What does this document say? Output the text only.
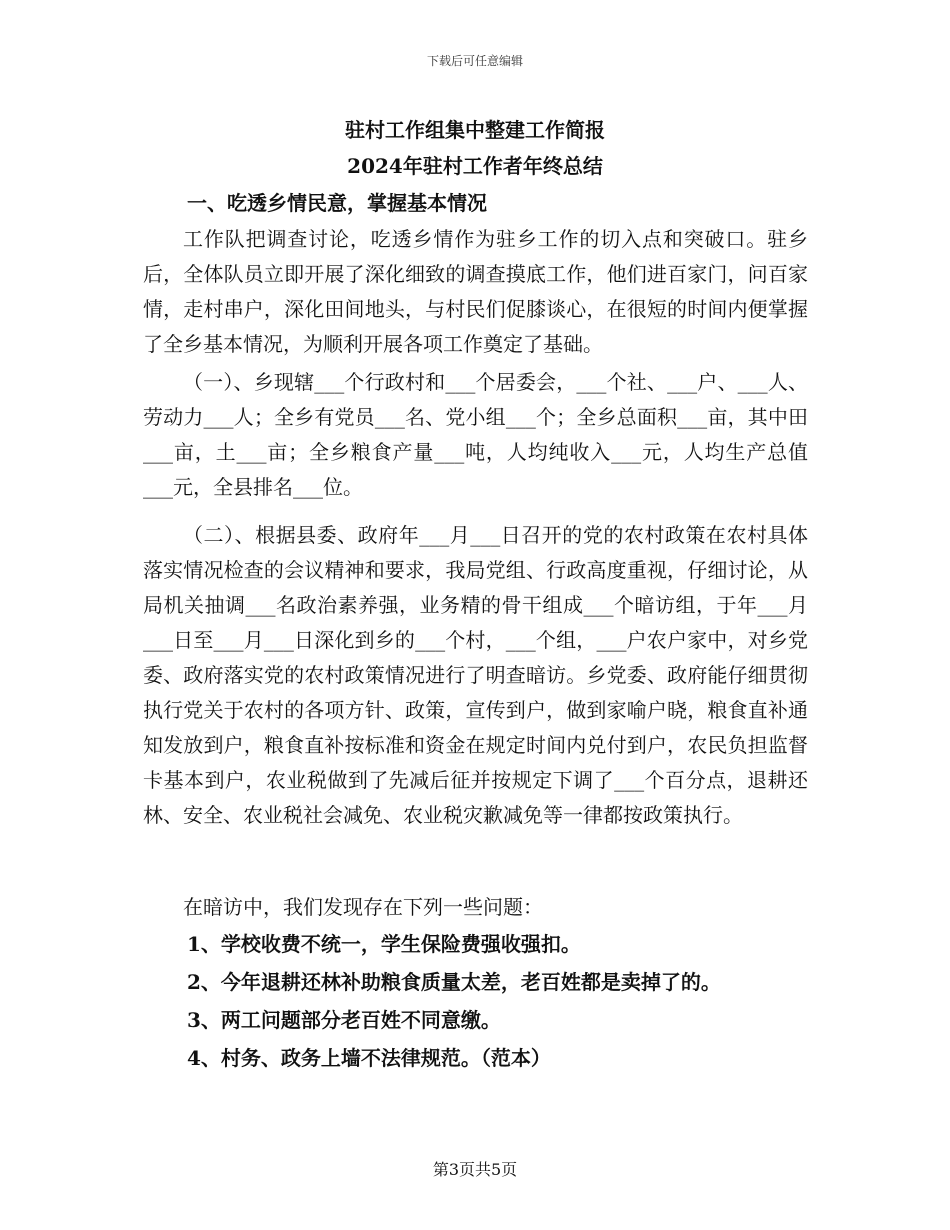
下载后可任意编辑
驻村工作组集中整建工作简报
2024年驻村工作者年终总结
一、吃透乡情民意，掌握基本情况

工作队把调查讨论，吃透乡情作为驻乡工作的切入点和突破口。驻乡后，全体队员立即开展了深化细致的调查摸底工作，他们进百家门，问百家情，走村串户，深化田间地头，与村民们促膝谈心，在很短的时间内便掌握了全乡基本情况，为顺利开展各项工作奠定了基础。

（一）、乡现辖___个行政村和___个居委会，___个社、___户、___人、劳动力___人；全乡有党员___名、党小组___个；全乡总面积___亩，其中田___亩，土___亩；全乡粮食产量___吨，人均纯收入___元，人均生产总值___元，全县排名___位。

（二）、根据县委、政府年___月___日召开的党的农村政策在农村具体落实情况检查的会议精神和要求，我局党组、行政高度重视，仔细讨论，从局机关抽调___名政治素养强，业务精的骨干组成___个暗访组，于年___月___日至___月___日深化到乡的___个村，___个组，___户农户家中，对乡党委、政府落实党的农村政策情况进行了明查暗访。乡党委、政府能仔细贯彻执行党关于农村的各项方针、政策，宣传到户，做到家喻户晓，粮食直补通知发放到户，粮食直补按标准和资金在规定时间内兑付到户，农民负担监督卡基本到户，农业税做到了先减后征并按规定下调了___个百分点，退耕还林、安全、农业税社会减免、农业税灾歉减免等一律都按政策执行。

在暗访中，我们发现存在下列一些问题：

1、学校收费不统一，学生保险费强收强扣。
2、今年退耕还林补助粮食质量太差，老百姓都是卖掉了的。
3、两工问题部分老百姓不同意缴。
4、村务、政务上墙不法律规范。（范本）
第3页共5页
